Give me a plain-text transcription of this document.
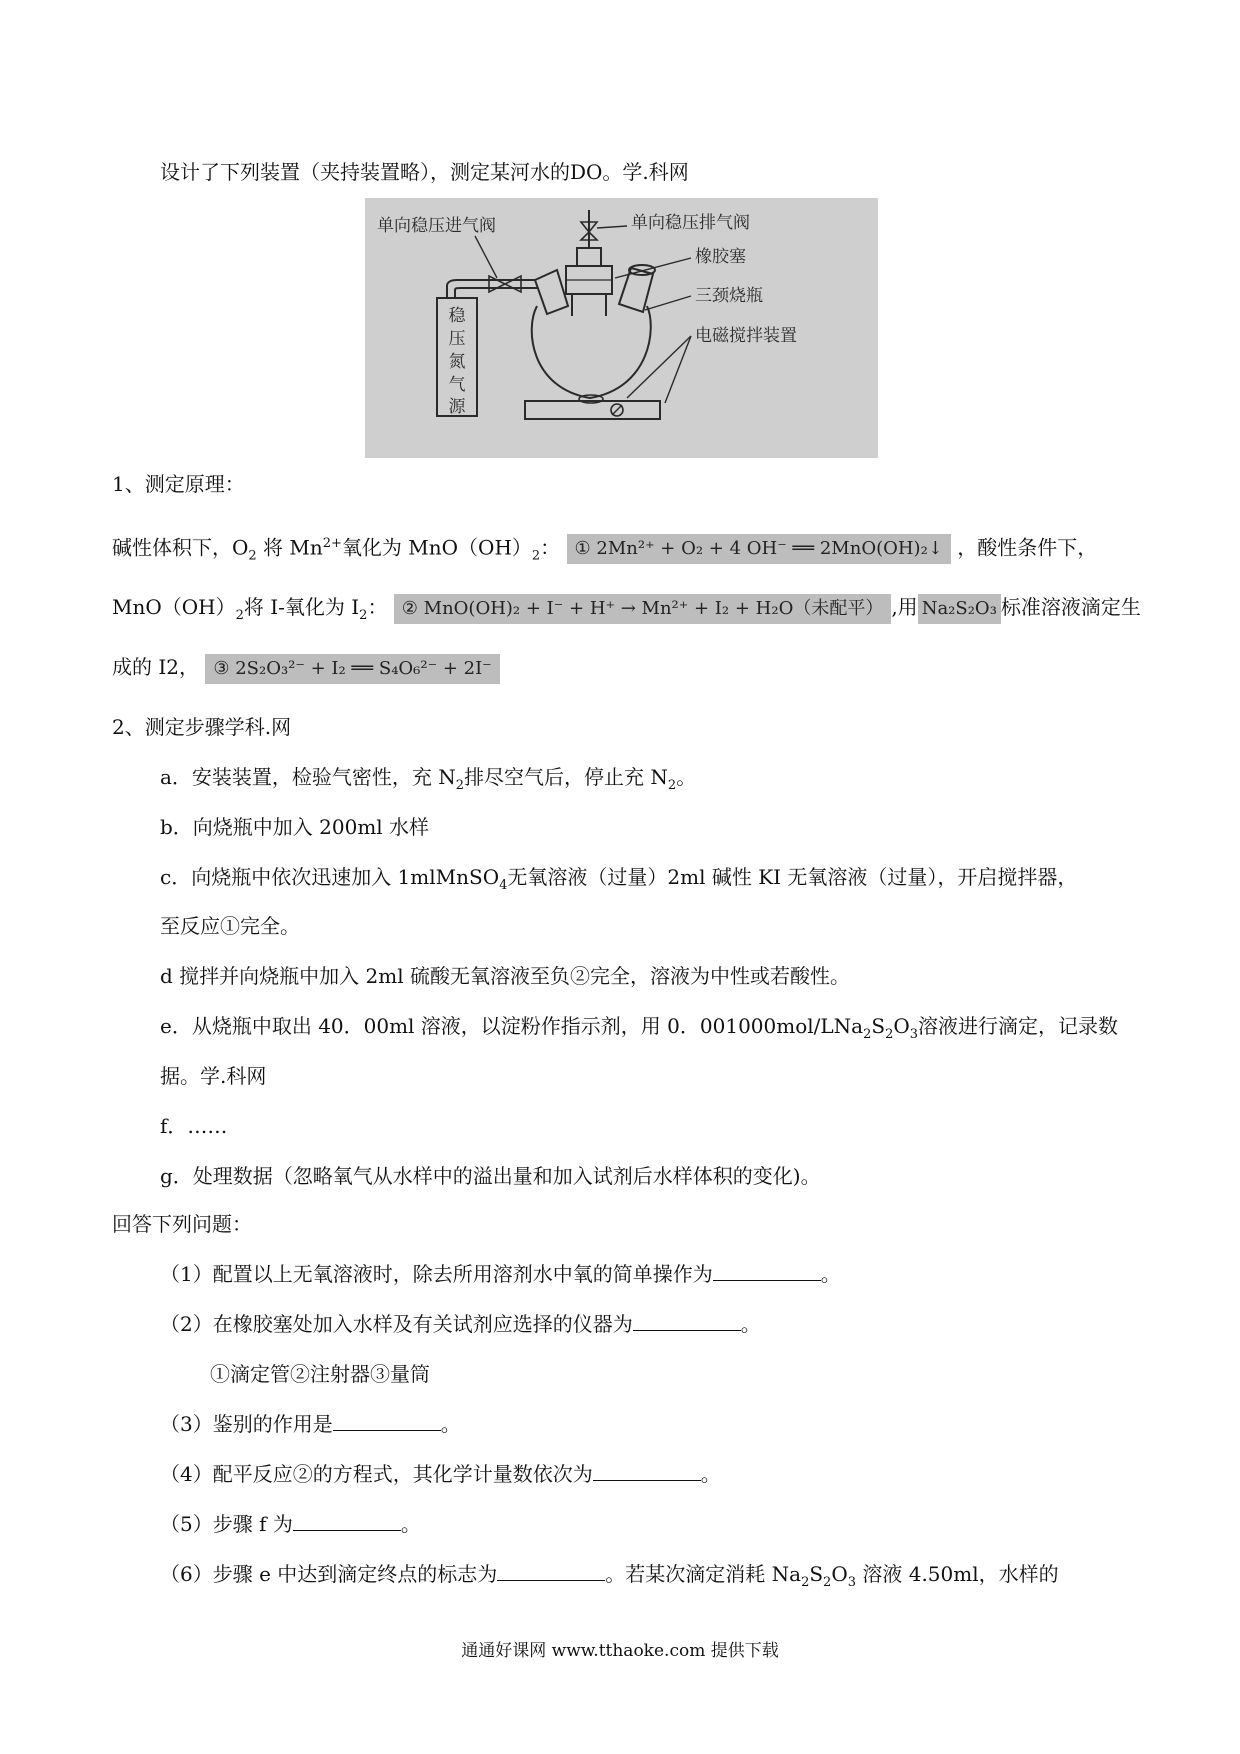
设计了下列装置（夹持装置略），测定某河水的DO。学.科网
稳
压
氮
气
源
单向稳压进气阀	单向稳压排气阀
橡胶塞
三颈烧瓶
电磁搅拌装置
1、测定原理：
碱性体积下，$O_2$ 将 $Mn^{2+}$氧化为 $MnO(OH)_2$： ① 2Mn²⁺ + O₂ + 4 OH⁻ ══ 2MnO(OH)₂↓ ，酸性条件下，
$MnO(OH)_2$将 I-氧化为 $I_2$： ② MnO(OH)₂ + I⁻ + H⁺ → Mn²⁺ + I₂ + H₂O（未配平） ,用 Na₂S₂O₃ 标准溶液滴定生
成的 I2， ③ 2S₂O₃²⁻ + I₂ ══ S₄O₆²⁻ + 2I⁻
2、测定步骤学科.网
a．安装装置，检验气密性，充 $N_2$排尽空气后，停止充 $N_2$。
b．向烧瓶中加入 200ml 水样
c．向烧瓶中依次迅速加入 1mlMnSO$_4$无氧溶液（过量）2ml 碱性 KI 无氧溶液（过量），开启搅拌器，
至反应①完全。
d 搅拌并向烧瓶中加入 2ml 硫酸无氧溶液至负②完全，溶液为中性或若酸性。
e．从烧瓶中取出 40．00ml 溶液，以淀粉作指示剂，用 0．$001000mol/LNa_2S_2O_3$溶液进行滴定，记录数
据。学.科网
f．……
g．处理数据（忽略氧气从水样中的溢出量和加入试剂后水样体积的变化)。
回答下列问题：
（1）配置以上无氧溶液时，除去所用溶剂水中氧的简单操作为	。
（2）在橡胶塞处加入水样及有关试剂应选择的仪器为	。
①滴定管②注射器③量筒
（3）鉴别的作用是	。
（4）配平反应②的方程式，其化学计量数依次为	。
（5）步骤 f 为	。
（6）步骤 e 中达到滴定终点的标志为	。若某次滴定消耗 $Na_2S_2O_3$ 溶液 4.50ml，水样的
通通好课网 www.tthaoke.com 提供下载
